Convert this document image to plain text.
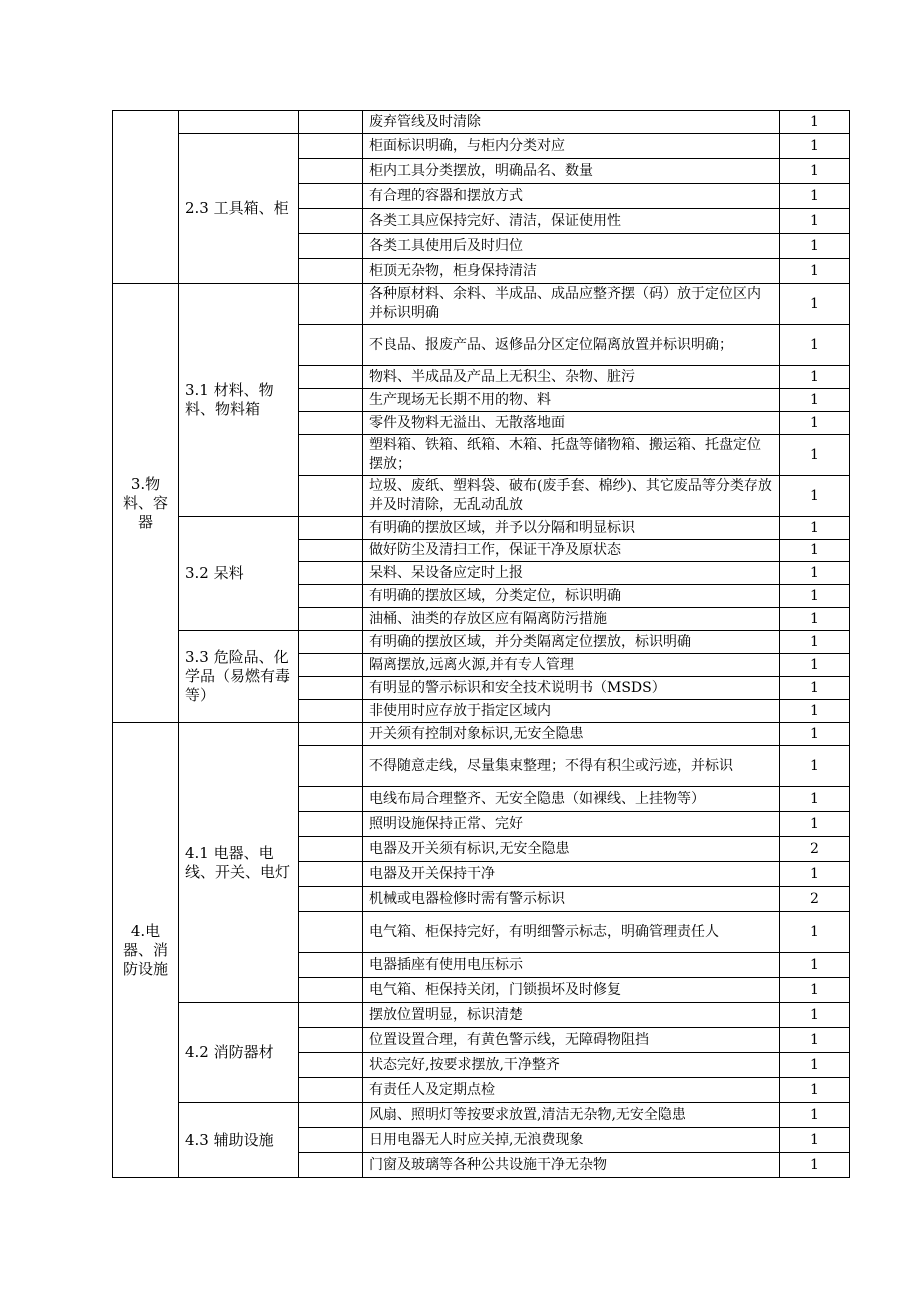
			废弃管线及时清除	1
	2.3 工具箱、柜		柜面标识明确，与柜内分类对应	1
			柜内工具分类摆放，明确品名、数量	1
			有合理的容器和摆放方式	1
			各类工具应保持完好、清洁，保证使用性	1
			各类工具使用后及时归位	1
			柜顶无杂物，柜身保持清洁	1
3.物料、容器	3.1 材料、物料、物料箱		各种原材料、余料、半成品、成品应整齐摆（码）放于定位区内并标识明确	1
			不良品、报废产品、返修品分区定位隔离放置并标识明确；	1
			物料、半成品及产品上无积尘、杂物、脏污	1
			生产现场无长期不用的物、料	1
			零件及物料无溢出、无散落地面	1
			塑料箱、铁箱、纸箱、木箱、托盘等储物箱、搬运箱、托盘定位摆放；	1
			垃圾、废纸、塑料袋、破布(废手套、棉纱)、其它废品等分类存放并及时清除，无乱动乱放	1
	3.2 呆料		有明确的摆放区域，并予以分隔和明显标识	1
			做好防尘及清扫工作，保证干净及原状态	1
			呆料、呆设备应定时上报	1
			有明确的摆放区域，分类定位，标识明确	1
			油桶、油类的存放区应有隔离防污措施	1
	3.3 危险品、化学品（易燃有毒等）		有明确的摆放区域，并分类隔离定位摆放，标识明确	1
			隔离摆放,远离火源,并有专人管理	1
			有明显的警示标识和安全技术说明书（MSDS）	1
			非使用时应存放于指定区域内	1
4.电器、消防设施	4.1 电器、电线、开关、电灯		开关须有控制对象标识,无安全隐患	1
			不得随意走线，尽量集束整理；不得有积尘或污迹，并标识	1
			电线布局合理整齐、无安全隐患（如裸线、上挂物等）	1
			照明设施保持正常、完好	1
			电器及开关须有标识,无安全隐患	2
			电器及开关保持干净	1
			机械或电器检修时需有警示标识	2
			电气箱、柜保持完好，有明细警示标志，明确管理责任人	1
			电器插座有使用电压标示	1
			电气箱、柜保持关闭，门锁损坏及时修复	1
	4.2 消防器材		摆放位置明显，标识清楚	1
			位置设置合理，有黄色警示线，无障碍物阻挡	1
			状态完好,按要求摆放,干净整齐	1
			有责任人及定期点检	1
	4.3 辅助设施		风扇、照明灯等按要求放置,清洁无杂物,无安全隐患	1
			日用电器无人时应关掉,无浪费现象	1
			门窗及玻璃等各种公共设施干净无杂物	1
